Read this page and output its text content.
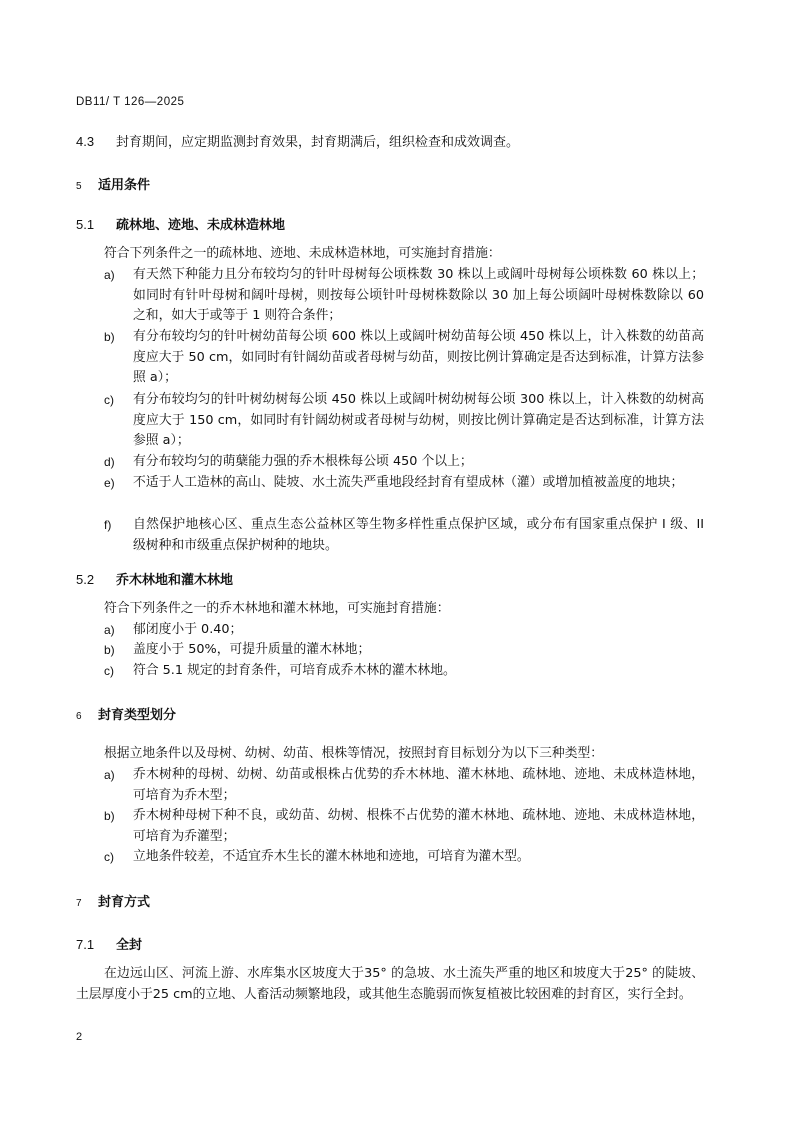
DB11/ T 126—2025
4.3 封育期间，应定期监测封育效果，封育期满后，组织检查和成效调查。
5 适用条件
5.1 疏林地、迹地、未成林造林地
符合下列条件之一的疏林地、迹地、未成林造林地，可实施封育措施：
a) 有天然下种能力且分布较均匀的针叶母树每公顷株数 30 株以上或阔叶母树每公顷株数 60 株以上；如同时有针叶母树和阔叶母树，则按每公顷针叶母树株数除以 30 加上每公顷阔叶母树株数除以 60 之和，如大于或等于 1 则符合条件；
b) 有分布较均匀的针叶树幼苗每公顷 600 株以上或阔叶树幼苗每公顷 450 株以上，计入株数的幼苗高度应大于 50 cm，如同时有针阔幼苗或者母树与幼苗，则按比例计算确定是否达到标准，计算方法参照 a）；
c) 有分布较均匀的针叶树幼树每公顷 450 株以上或阔叶树幼树每公顷 300 株以上，计入株数的幼树高度应大于 150 cm，如同时有针阔幼树或者母树与幼树，则按比例计算确定是否达到标准，计算方法参照 a）；
d) 有分布较均匀的萌蘖能力强的乔木根株每公顷 450 个以上；
e) 不适于人工造林的高山、陡坡、水土流失严重地段经封育有望成林（灌）或增加植被盖度的地块；
f) 自然保护地核心区、重点生态公益林区等生物多样性重点保护区域，或分布有国家重点保护 I 级、II 级树种和市级重点保护树种的地块。
5.2 乔木林地和灌木林地
符合下列条件之一的乔木林地和灌木林地，可实施封育措施：
a) 郁闭度小于 0.40；
b) 盖度小于 50%，可提升质量的灌木林地；
c) 符合 5.1 规定的封育条件，可培育成乔木林的灌木林地。
6 封育类型划分
根据立地条件以及母树、幼树、幼苗、根株等情况，按照封育目标划分为以下三种类型：
a) 乔木树种的母树、幼树、幼苗或根株占优势的乔木林地、灌木林地、疏林地、迹地、未成林造林地，可培育为乔木型；
b) 乔木树种母树下种不良，或幼苗、幼树、根株不占优势的灌木林地、疏林地、迹地、未成林造林地，可培育为乔灌型；
c) 立地条件较差，不适宜乔木生长的灌木林地和迹地，可培育为灌木型。
7 封育方式
7.1 全封
在边远山区、河流上游、水库集水区坡度大于35° 的急坡、水土流失严重的地区和坡度大于25° 的陡坡、土层厚度小于25 cm的立地、人畜活动频繁地段，或其他生态脆弱而恢复植被比较困难的封育区，实行全封。
2
